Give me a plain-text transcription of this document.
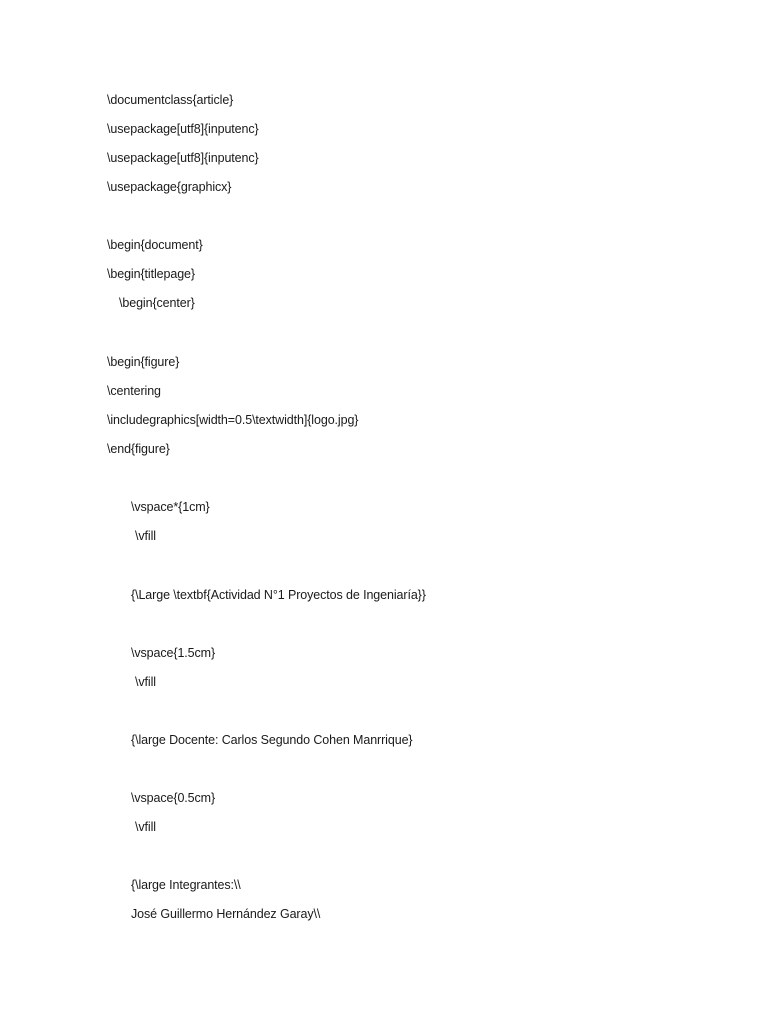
\documentclass{article}
\usepackage[utf8]{inputenc}
\usepackage[utf8]{inputenc}
\usepackage{graphicx}
\begin{document}
\begin{titlepage}
\begin{center}
\begin{figure}
\centering
\includegraphics[width=0.5\textwidth]{logo.jpg}
\end{figure}
\vspace*{1cm}
\vfill
{\Large \textbf{Actividad N°1 Proyectos de Ingeniaría}}
\vspace{1.5cm}
\vfill
{\large Docente: Carlos Segundo Cohen Manrrique}
\vspace{0.5cm}
\vfill
{\large Integrantes:\\
José Guillermo Hernández Garay\\
